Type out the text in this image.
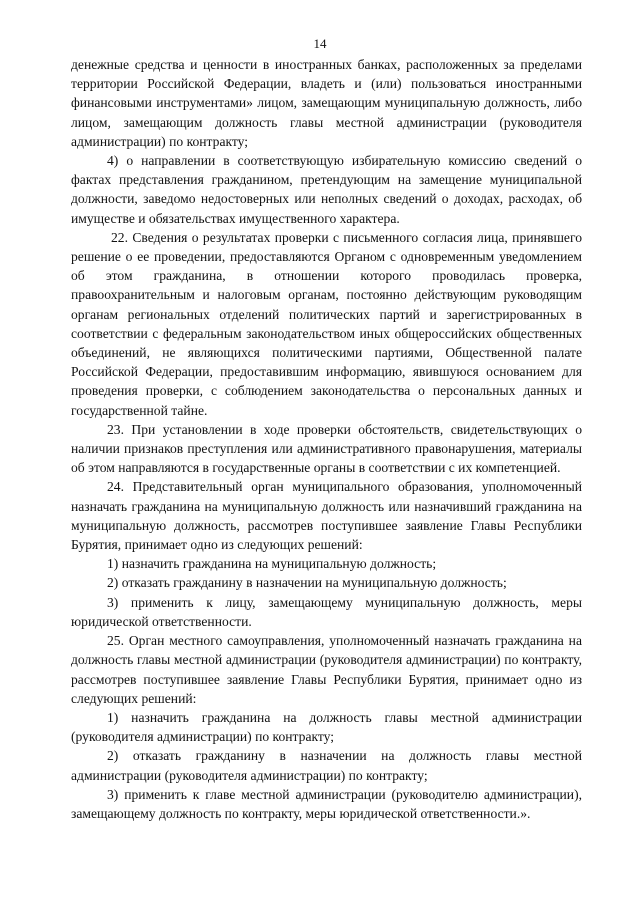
14

денежные средства и ценности в иностранных банках, расположенных за пределами территории Российской Федерации, владеть и (или) пользоваться иностранными финансовыми инструментами» лицом, замещающим муниципальную должность, либо лицом, замещающим должность главы местной администрации (руководителя администрации) по контракту;

4) о направлении в соответствующую избирательную комиссию сведений о фактах представления гражданином, претендующим на замещение муниципальной должности, заведомо недостоверных или неполных сведений о доходах, расходах, об имуществе и обязательствах имущественного характера.

22. Сведения о результатах проверки с письменного согласия лица, принявшего решение о ее проведении, предоставляются Органом с одновременным уведомлением об этом гражданина, в отношении которого проводилась проверка, правоохранительным и налоговым органам, постоянно действующим руководящим органам региональных отделений политических партий и зарегистрированных в соответствии с федеральным законодательством иных общероссийских общественных объединений, не являющихся политическими партиями, Общественной палате Российской Федерации, предоставившим информацию, явившуюся основанием для проведения проверки, с соблюдением законодательства о персональных данных и государственной тайне.

23. При установлении в ходе проверки обстоятельств, свидетельствующих о наличии признаков преступления или административного правонарушения, материалы об этом направляются в государственные органы в соответствии с их компетенцией.

24. Представительный орган муниципального образования, уполномоченный назначать гражданина на муниципальную должность или назначивший гражданина на муниципальную должность, рассмотрев поступившее заявление Главы Республики Бурятия, принимает одно из следующих решений:

1) назначить гражданина на муниципальную должность;

2) отказать гражданину в назначении на муниципальную должность;

3) применить к лицу, замещающему муниципальную должность, меры юридической ответственности.

25. Орган местного самоуправления, уполномоченный назначать гражданина на должность главы местной администрации (руководителя администрации) по контракту, рассмотрев поступившее заявление Главы Республики Бурятия, принимает одно из следующих решений:

1) назначить гражданина на должность главы местной администрации (руководителя администрации) по контракту;

2) отказать гражданину в назначении на должность главы местной администрации (руководителя администрации) по контракту;

3) применить к главе местной администрации (руководителю администрации), замещающему должность по контракту, меры юридической ответственности.».
